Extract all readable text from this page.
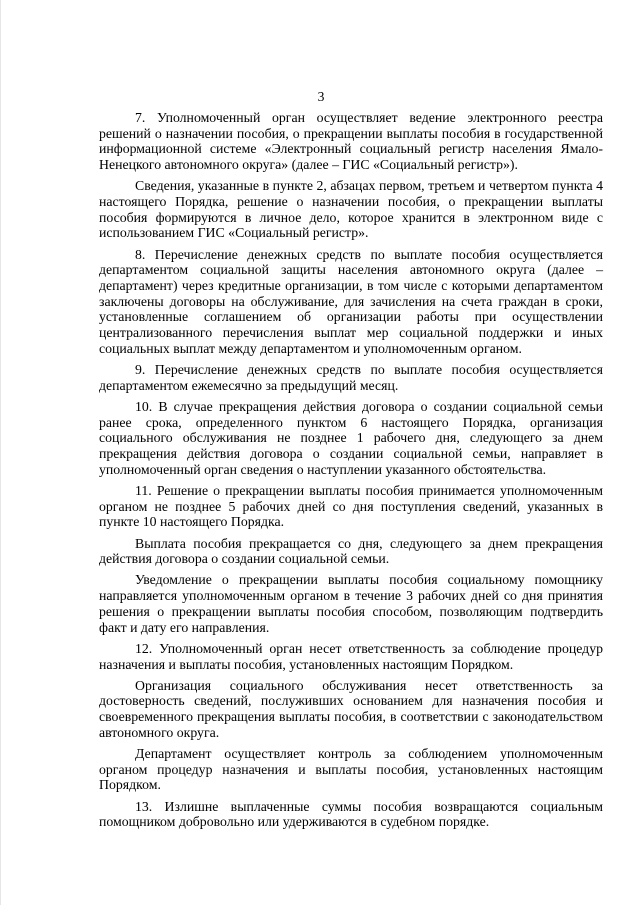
3

7. Уполномоченный орган осуществляет ведение электронного реестра решений о назначении пособия, о прекращении выплаты пособия в государственной информационной системе «Электронный социальный регистр населения Ямало-Ненецкого автономного округа» (далее – ГИС «Социальный регистр»).

Сведения, указанные в пункте 2, абзацах первом, третьем и четвертом пункта 4 настоящего Порядка, решение о назначении пособия, о прекращении выплаты пособия формируются в личное дело, которое хранится в электронном виде с использованием ГИС «Социальный регистр».

8. Перечисление денежных средств по выплате пособия осуществляется департаментом социальной защиты населения автономного округа (далее – департамент) через кредитные организации, в том числе с которыми департаментом заключены договоры на обслуживание, для зачисления на счета граждан в сроки, установленные соглашением об организации работы при осуществлении централизованного перечисления выплат мер социальной поддержки и иных социальных выплат между департаментом и уполномоченным органом.

9. Перечисление денежных средств по выплате пособия осуществляется департаментом ежемесячно за предыдущий месяц.

10. В случае прекращения действия договора о создании социальной семьи ранее срока, определенного пунктом 6 настоящего Порядка, организация социального обслуживания не позднее 1 рабочего дня, следующего за днем прекращения действия договора о создании социальной семьи, направляет в уполномоченный орган сведения о наступлении указанного обстоятельства.

11. Решение о прекращении выплаты пособия принимается уполномоченным органом не позднее 5 рабочих дней со дня поступления сведений, указанных в пункте 10 настоящего Порядка.

Выплата пособия прекращается со дня, следующего за днем прекращения действия договора о создании социальной семьи.

Уведомление о прекращении выплаты пособия социальному помощнику направляется уполномоченным органом в течение 3 рабочих дней со дня принятия решения о прекращении выплаты пособия способом, позволяющим подтвердить факт и дату его направления.

12. Уполномоченный орган несет ответственность за соблюдение процедур назначения и выплаты пособия, установленных настоящим Порядком.

Организация социального обслуживания несет ответственность за достоверность сведений, послуживших основанием для назначения пособия и своевременного прекращения выплаты пособия, в соответствии с законодательством автономного округа.

Департамент осуществляет контроль за соблюдением уполномоченным органом процедур назначения и выплаты пособия, установленных настоящим Порядком.

13. Излишне выплаченные суммы пособия возвращаются социальным помощником добровольно или удерживаются в судебном порядке.
